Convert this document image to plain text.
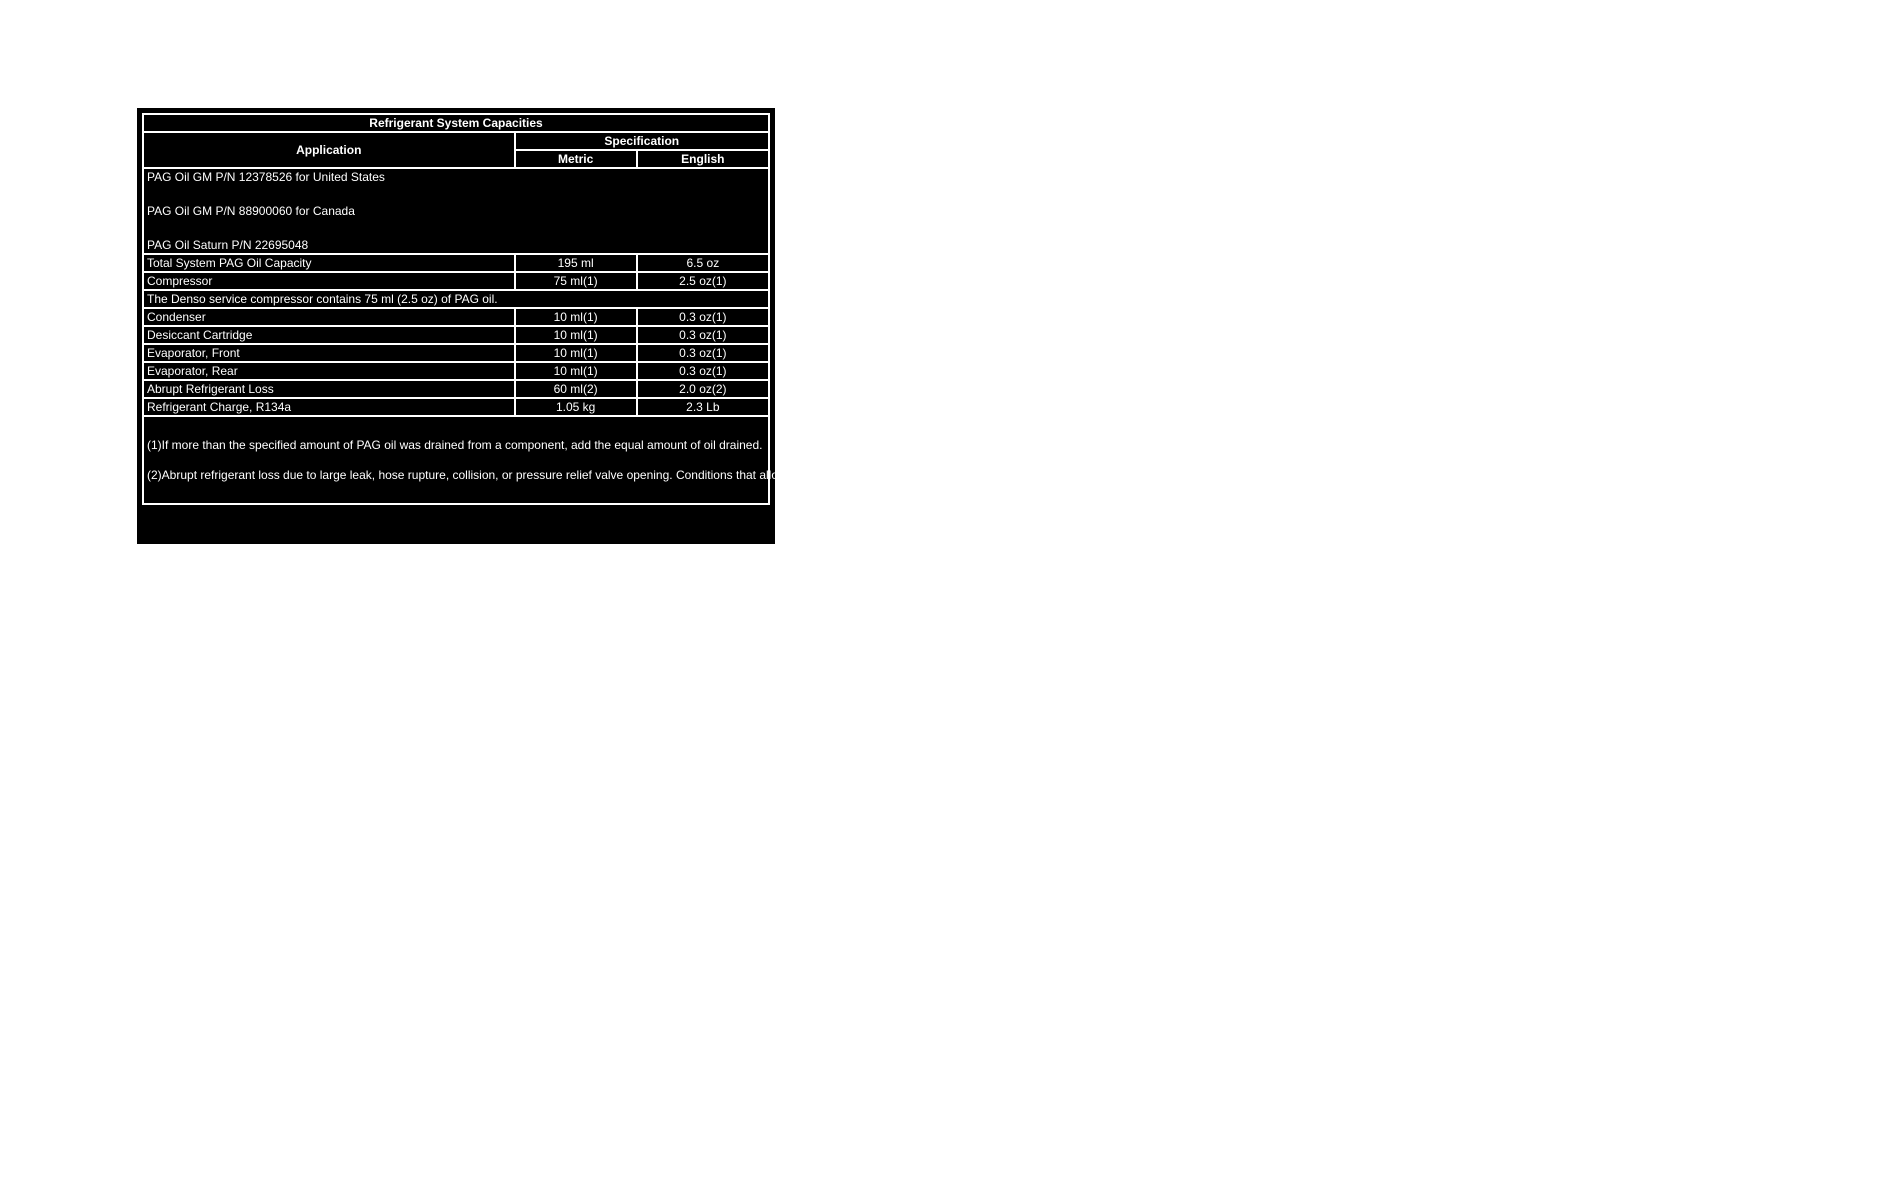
Refrigerant System Capacities		
Application	Specification	
	Metric	English

PAG Oil GM P/N 12378526 for United States

PAG Oil GM P/N 88900060 for Canada

PAG Oil Saturn P/N 22695048		

Total System PAG Oil Capacity	195 ml	6.5 oz
Compressor	75 ml(1)	2.5 oz(1)
The Denso service compressor contains 75 ml (2.5 oz) of PAG oil.		
Condenser	10 ml(1)	0.3 oz(1)
Desiccant Cartridge	10 ml(1)	0.3 oz(1)
Evaporator, Front	10 ml(1)	0.3 oz(1)
Evaporator, Rear	10 ml(1)	0.3 oz(1)
Abrupt Refrigerant Loss	60 ml(2)	2.0 oz(2)
Refrigerant Charge, R134a	1.05 kg	2.3 Lb

(1)If more than the specified amount of PAG oil was drained from a component, add the equal amount of oil drained.

(2)Abrupt refrigerant loss due to large leak, hose rupture, collision, or pressure relief valve opening. Conditions that allow the refrigerant to seep or bleed off over time do not cause this oil loss. Upon replacement of a component that caused a large refrigerant loss, also add the required amount of oil for the particular component.		
